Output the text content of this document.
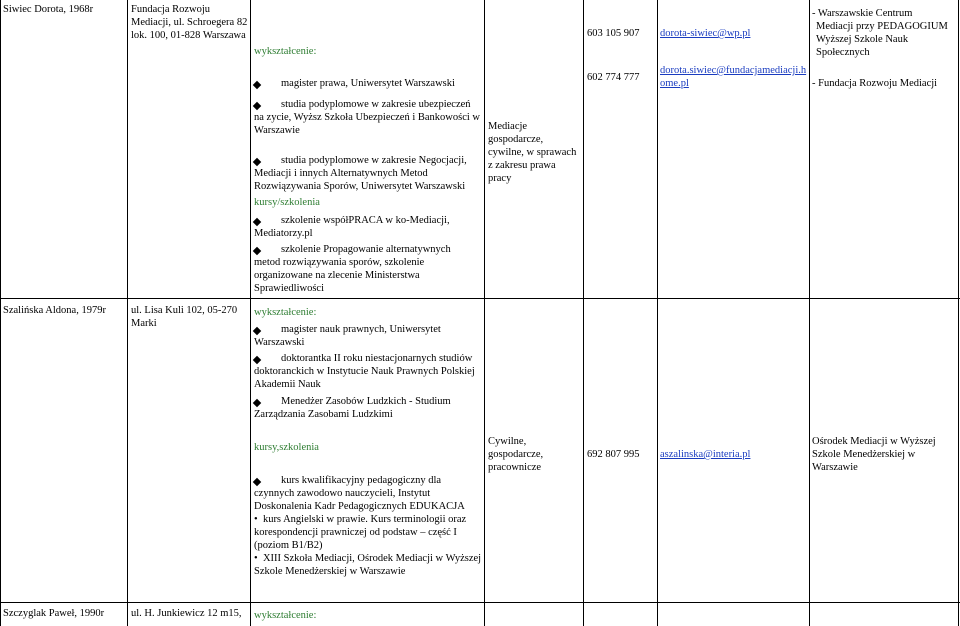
Siwiec Dorota, 1968r	Fundacja Rozwoju
Mediacji, ul. Schroegera 82
lok. 100, 01-828 Warszawa
wykształcenie:
magister prawa, Uniwersytet Warszawski
studia podyplomowe w zakresie ubezpieczeń
na zycie, Wyższ Szkoła Ubezpieczeń i Bankowości w
Warszawie
studia podyplomowe w zakresie Negocjacji,
Mediacji i innych Alternatywnych Metod
Rozwiązywania Sporów, Uniwersytet Warszawski
kursy/szkolenia
szkolenie współPRACA w ko-Mediacji,
Mediatorzy.pl
szkolenie Propagowanie alternatywnych
metod rozwiązywania sporów, szkolenie
organizowane na zlecenie Ministerstwa
Sprawiedliwości
Mediacje
gospodarcze,
cywilne, w sprawach
z zakresu prawa
pracy
603 105 907
602 774 777
dorota-siwiec@wp.pl
dorota.siwiec@fundacjamediacji.h
ome.pl
- Warszawskie Centrum
Mediacji przy PEDAGOGIUM
Wyższej Szkole Nauk
Społecznych
- Fundacja Rozwoju Mediacji
Szalińska Aldona, 1979r ul. Lisa Kuli 102, 05-270
Marki
wykształcenie:
magister nauk prawnych, Uniwersytet
Warszawski
doktorantka II roku niestacjonarnych studiów
doktoranckich w Instytucie Nauk Prawnych Polskiej
Akademii Nauk
Menedżer Zasobów Ludzkich - Studium
Zarządzania Zasobami Ludzkimi
kursy,szkolenia
kurs kwalifikacyjny pedagogiczny dla
czynnych zawodowo nauczycieli, Instytut
Doskonalenia Kadr Pedagogicznych EDUKACJA
•  kurs Angielski w prawie. Kurs terminologii oraz
korespondencji prawniczej od podstaw – część I
(poziom B1/B2)
•  XIII Szkoła Mediacji, Ośrodek Mediacji w Wyższej
Szkole Menedżerskiej w Warszawie
Cywilne,
gospodarcze,
pracownicze
692 807 995 aszalinska@interia.pl
Ośrodek Mediacji w Wyższej
Szkole Menedżerskiej w
Warszawie
Szczyglak Paweł, 1990r	ul. H. Junkiewicz 12 m15, wykształcenie:
